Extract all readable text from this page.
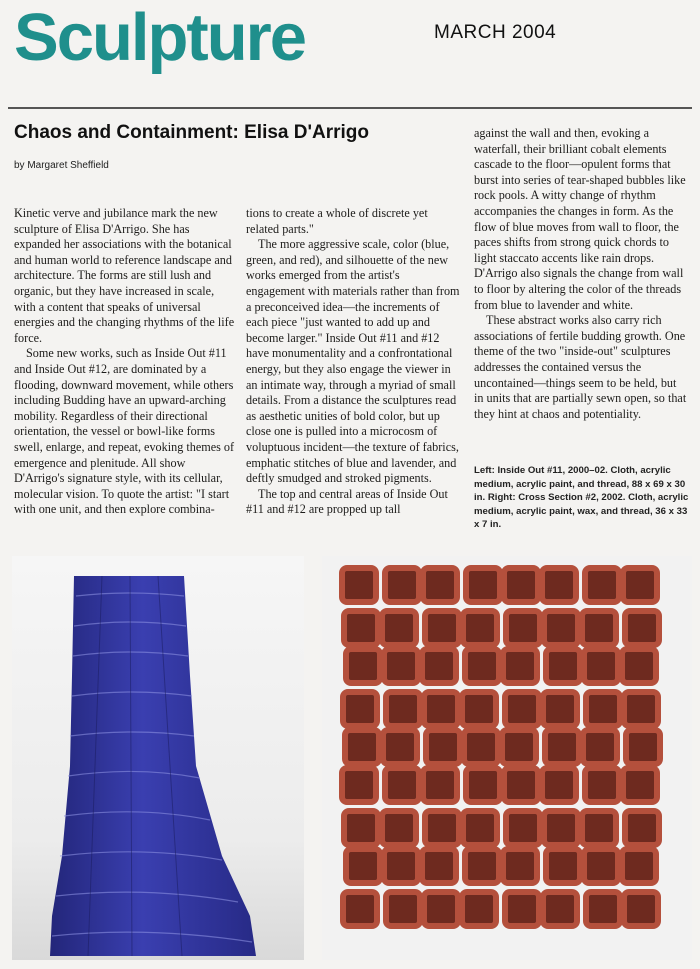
Sculpture	MARCH 2004
Chaos and Containment: Elisa D'Arrigo
by Margaret Sheffield

Kinetic verve and jubilance mark the new sculpture of Elisa D'Arrigo. She has expanded her associations with the botanical and human world to reference landscape and architecture. The forms are still lush and organic, but they have increased in scale, with a content that speaks of universal energies and the changing rhythms of the life force.

Some new works, such as Inside Out #11 and Inside Out #12, are dominated by a flooding, downward movement, while others including Budding have an upward-arching mobility. Regardless of their directional orientation, the vessel or bowl-like forms swell, enlarge, and repeat, evoking themes of emergence and plenitude. All show D'Arrigo's signature style, with its cellular, molecular vision. To quote the artist: "I start with one unit, and then explore combina-

tions to create a whole of discrete yet related parts."

The more aggressive scale, color (blue, green, and red), and silhouette of the new works emerged from the artist's engagement with materials rather than from a preconceived idea—the increments of each piece "just wanted to add up and become larger." Inside Out #11 and #12 have monumentality and a confrontational energy, but they also engage the viewer in an intimate way, through a myriad of small details. From a distance the sculptures read as aesthetic unities of bold color, but up close one is pulled into a microcosm of voluptuous incident—the texture of fabrics, emphatic stitches of blue and lavender, and deftly smudged and stroked pigments.

The top and central areas of Inside Out #11 and #12 are propped up tall

against the wall and then, evoking a waterfall, their brilliant cobalt elements cascade to the floor—opulent forms that burst into series of tear-shaped bubbles like rock pools. A witty change of rhythm accompanies the changes in form. As the flow of blue moves from wall to floor, the paces shifts from strong quick chords to light staccato accents like rain drops. D'Arrigo also signals the change from wall to floor by altering the color of the threads from blue to lavender and white.

These abstract works also carry rich associations of fertile budding growth. One theme of the two "inside-out" sculptures addresses the contained versus the uncontained—things seem to be held, but in units that are partially sewn open, so that they hint at chaos and potentiality.

Left: Inside Out #11, 2000–02. Cloth, acrylic medium, acrylic paint, and thread, 88 x 69 x 30 in. Right: Cross Section #2, 2002. Cloth, acrylic medium, acrylic paint, wax, and thread, 36 x 33 x 7 in.
